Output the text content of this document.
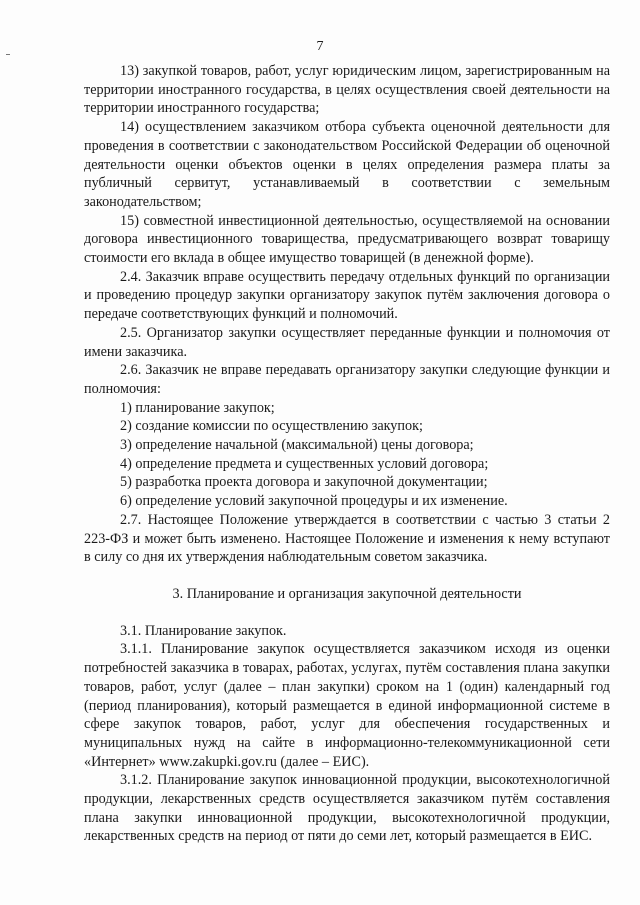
7

13) закупкой товаров, работ, услуг юридическим лицом, зарегистрированным на территории иностранного государства, в целях осуществления своей деятельности на территории иностранного государства;

14) осуществлением заказчиком отбора субъекта оценочной деятельности для проведения в соответствии с законодательством Российской Федерации об оценочной деятельности оценки объектов оценки в целях определения размера платы за публичный сервитут, устанавливаемый в соответствии с земельным законодательством;

15) совместной инвестиционной деятельностью, осуществляемой на основании договора инвестиционного товарищества, предусматривающего возврат товарищу стоимости его вклада в общее имущество товарищей (в денежной форме).

2.4. Заказчик вправе осуществить передачу отдельных функций по организации и проведению процедур закупки организатору закупок путём заключения договора о передаче соответствующих функций и полномочий.

2.5. Организатор закупки осуществляет переданные функции и полномочия от имени заказчика.

2.6. Заказчик не вправе передавать организатору закупки следующие функции и полномочия:

1) планирование закупок;

2) создание комиссии по осуществлению закупок;

3) определение начальной (максимальной) цены договора;

4) определение предмета и существенных условий договора;

5) разработка проекта договора и закупочной документации;

6) определение условий закупочной процедуры и их изменение.

2.7. Настоящее Положение утверждается в соответствии с частью 3 статьи 2 223-ФЗ и может быть изменено. Настоящее Положение и изменения к нему вступают в силу со дня их утверждения наблюдательным советом заказчика.

3. Планирование и организация закупочной деятельности

3.1. Планирование закупок.

3.1.1. Планирование закупок осуществляется заказчиком исходя из оценки потребностей заказчика в товарах, работах, услугах, путём составления плана закупки товаров, работ, услуг (далее – план закупки) сроком на 1 (один) календарный год (период планирования), который размещается в единой информационной системе в сфере закупок товаров, работ, услуг для обеспечения государственных и муниципальных нужд на сайте в информационно-телекоммуникационной сети «Интернет» www.zakupki.gov.ru (далее – ЕИС).

3.1.2. Планирование закупок инновационной продукции, высокотехнологичной продукции, лекарственных средств осуществляется заказчиком путём составления плана закупки инновационной продукции, высокотехнологичной продукции, лекарственных средств на период от пяти до семи лет, который размещается в ЕИС.
